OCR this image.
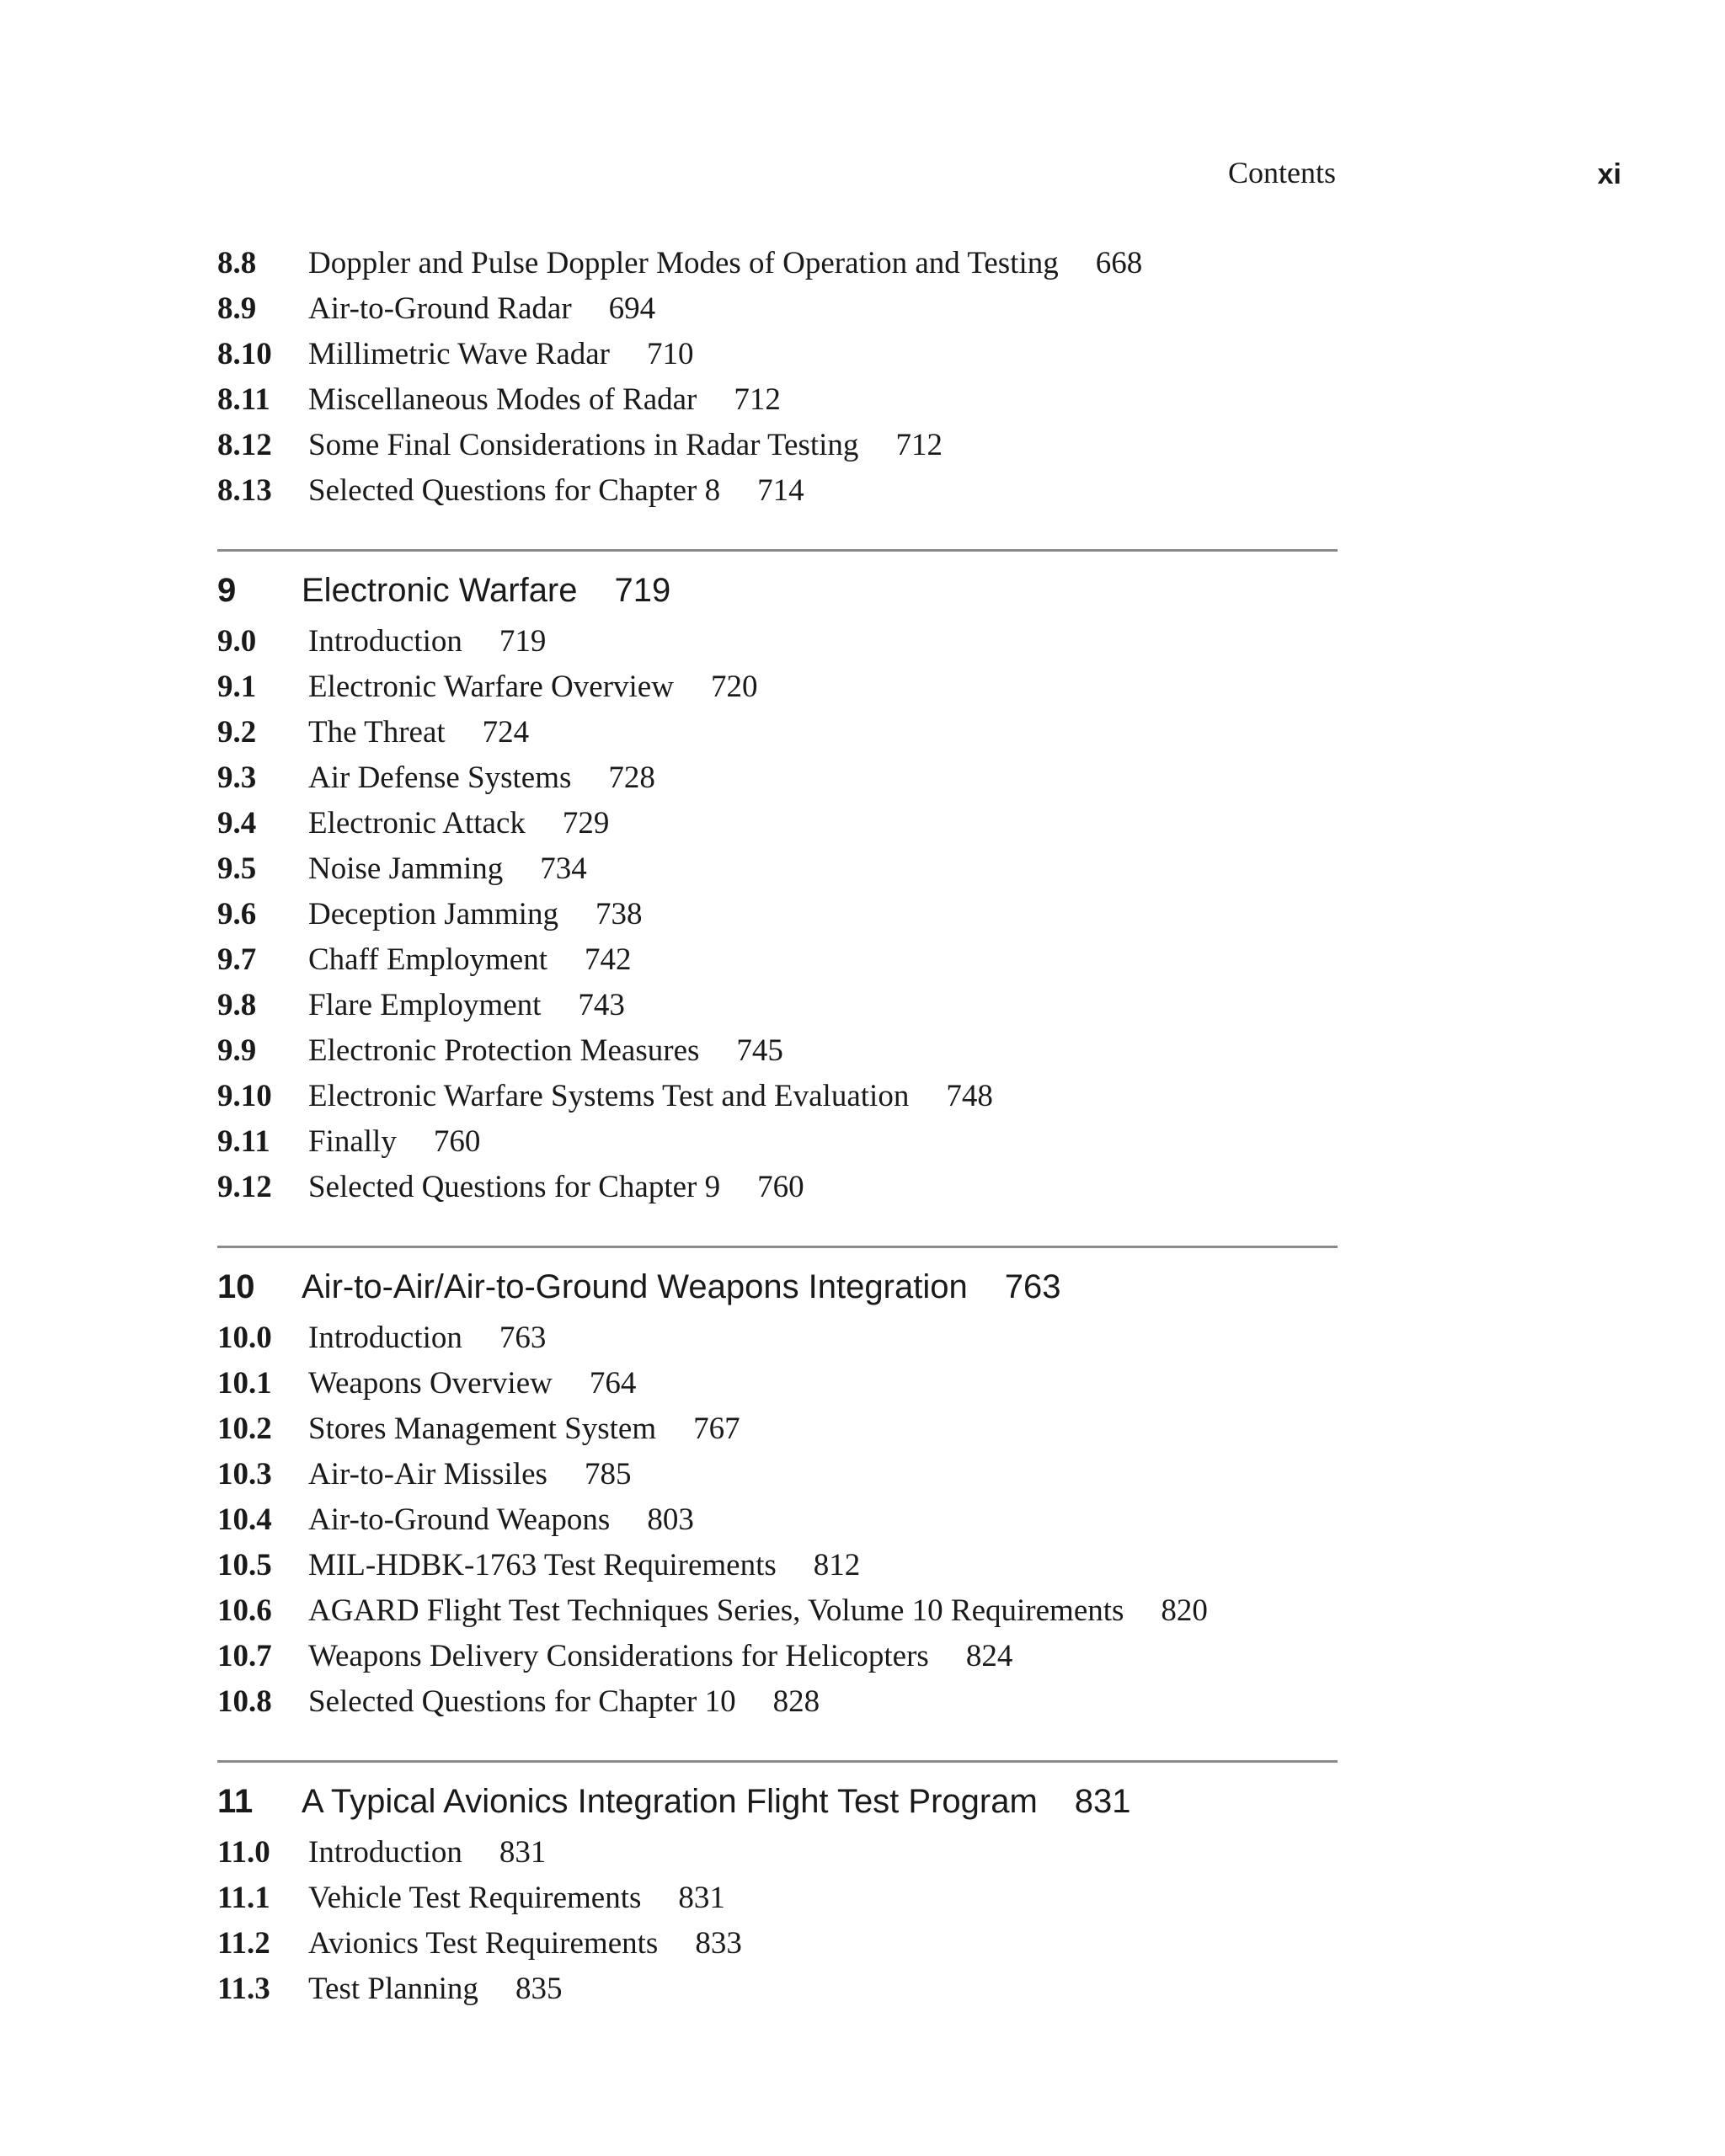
Contents	xi
8.8	Doppler and Pulse Doppler Modes of Operation and Testing 668
8.9	Air-to-Ground Radar 694
8.10	Millimetric Wave Radar 710
8.11	Miscellaneous Modes of Radar 712
8.12	Some Final Considerations in Radar Testing 712
8.13	Selected Questions for Chapter 8 714
9	Electronic Warfare 719
9.0	Introduction 719
9.1	Electronic Warfare Overview 720
9.2	The Threat 724
9.3	Air Defense Systems 728
9.4	Electronic Attack 729
9.5	Noise Jamming 734
9.6	Deception Jamming 738
9.7	Chaff Employment 742
9.8	Flare Employment 743
9.9	Electronic Protection Measures 745
9.10	Electronic Warfare Systems Test and Evaluation 748
9.11	Finally 760
9.12	Selected Questions for Chapter 9 760
10	Air-to-Air/Air-to-Ground Weapons Integration 763
10.0	Introduction 763
10.1	Weapons Overview 764
10.2	Stores Management System 767
10.3	Air-to-Air Missiles 785
10.4	Air-to-Ground Weapons 803
10.5	MIL-HDBK-1763 Test Requirements 812
10.6	AGARD Flight Test Techniques Series, Volume 10 Requirements 820
10.7	Weapons Delivery Considerations for Helicopters 824
10.8	Selected Questions for Chapter 10 828
11	A Typical Avionics Integration Flight Test Program 831
11.0	Introduction 831
11.1	Vehicle Test Requirements 831
11.2	Avionics Test Requirements 833
11.3	Test Planning 835
